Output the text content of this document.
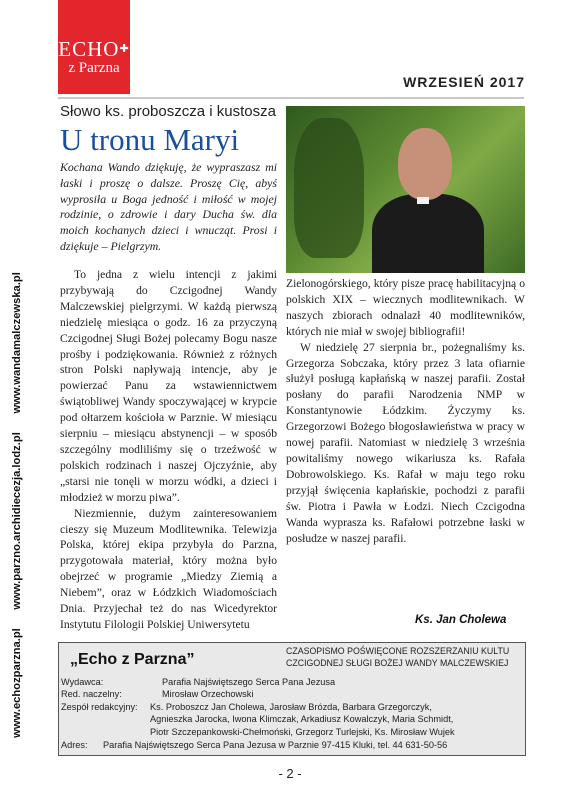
ECHO✚
z Parzna
WRZESIEŃ 2017
www.echozparzna.pl      www.parzno.archidiecezja.lodz.pl      www.wandamalczewska.pl
Słowo ks. proboszcza i kustosza
U tronu Maryi
Kochana Wando dziękuję, że wypraszasz mi łaski i proszę o dalsze. Proszę Cię, abyś wyprosiła u Boga jedność i miłość w mojej rodzinie, o zdrowie i dary Ducha św. dla moich kochanych dzieci i wnucząt. Prosi i dziękuje – Pielgrzym.

To jedna z wielu intencji z jakimi przybywają do Czcigodnej Wandy Malczewskiej pielgrzymi. W każdą pierwszą niedzielę miesiąca o godz. 16 za przyczyną Czcigodnej Sługi Bożej polecamy Bogu nasze prośby i podziękowania. Również z różnych stron Polski napływają intencje, aby je powierzać Panu za wstawiennictwem świątobliwej Wandy spoczywającej w krypcie pod ołtarzem kościoła w Parznie. W miesiącu sierpniu – miesiącu abstynencji – w sposób szczególny modliliśmy się o trzeźwość w polskich rodzinach i naszej Ojczyźnie, aby „starsi nie tonęli w morzu wódki, a dzieci i młodzież w morzu piwa”.

Niezmiennie, dużym zainteresowaniem cieszy się Muzeum Modlitewnika. Telewizja Polska, której ekipa przybyła do Parzna, przygotowała materiał, który można było obejrzeć w programie „Miedzy Ziemią a Niebem”, oraz w Łódzkich Wiadomościach Dnia. Przyjechał też do nas Wicedyrektor Instytutu Filologii Polskiej Uniwersytetu

Zielonogórskiego, który pisze pracę habilitacyjną o polskich XIX – wiecznych modlitewnikach. W naszych zbiorach odnalazł 40 modlitewników, których nie miał w swojej bibliografii!

W niedzielę 27 sierpnia br., pożegnaliśmy ks. Grzegorza Sobczaka, który przez 3 lata ofiarnie służył posługą kapłańską w naszej parafii. Został posłany do parafii Narodzenia NMP w Konstantynowie Łódzkim. Życzymy ks. Grzegorzowi Bożego błogosławieństwa w pracy w nowej parafii. Natomiast w niedzielę 3 września powitaliśmy nowego wikariusza ks. Rafała Dobrowolskiego. Ks. Rafał w maju tego roku przyjął święcenia kapłańskie, pochodzi z parafii św. Piotra i Pawła w Łodzi. Niech Czcigodna Wanda wyprasza ks. Rafałowi potrzebne łaski w posłudze w naszej parafii.

Ks. Jan Cholewa
„Echo z Parzna”	CZASOPISMO POŚWIĘCONE ROZSZERZANIU KULTU CZCIGODNEJ SŁUGI BOŻEJ WANDY MALCZEWSKIEJ
Wydawca:	Parafia Najświętszego Serca Pana Jezusa
Red. naczelny:	Mirosław Orzechowski
Zespół redakcyjny: Ks. Proboszcz Jan Cholewa, Jarosław Brózda, Barbara Grzegorczyk,
Agnieszka Jarocka, Iwona Klimczak, Arkadiusz Kowalczyk, Maria Schmidt,
Piotr Szczepankowski-Chełmoński, Grzegorz Turlejski, Ks. Mirosław Wujek
Adres: Parafia Najświętszego Serca Pana Jezusa w Parznie 97-415 Kluki, tel. 44 631-50-56
- 2 -
